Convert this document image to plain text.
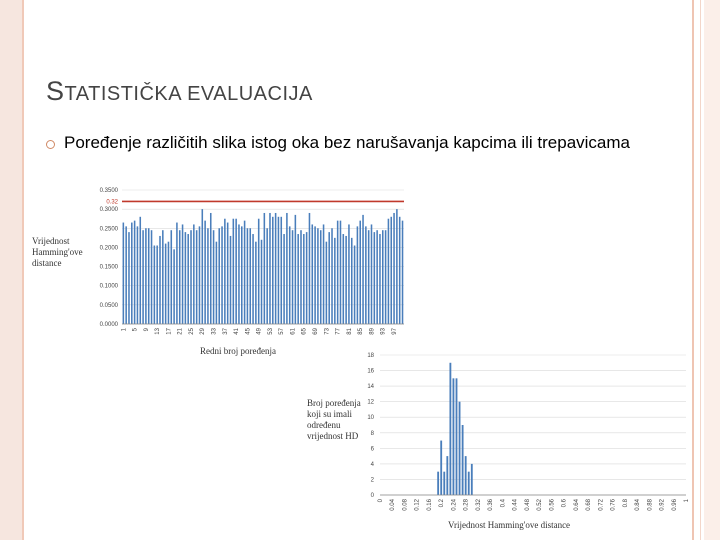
STATISTIČKA EVALUACIJA
Poređenje različitih slika istog oka bez narušavanja kapcima ili trepavicama
Vrijednost
Hamming'ove
distance
0.0000
0.0500
0.1000
0.1500
0.2000
0.2500
0.3000
0.3500
0.32
1 5 9 13 17 21 25 29 33 37 41 45 49 53 57 61 65 69 73 77 81 85 89 93 97
Redni broj poređenja
Broj poređenja
koji su imali
određenu
vrijednost HD
0
2
4
6
8
10
12
14
16
18
0 0.04 0.08 0.12 0.16 0.2 0.24 0.28 0.32 0.36 0.4 0.44 0.48 0.52 0.56 0.6 0.64 0.68 0.72 0.76 0.8 0.84 0.88 0.92 0.96 1
Vrijednost Hamming'ove distance
